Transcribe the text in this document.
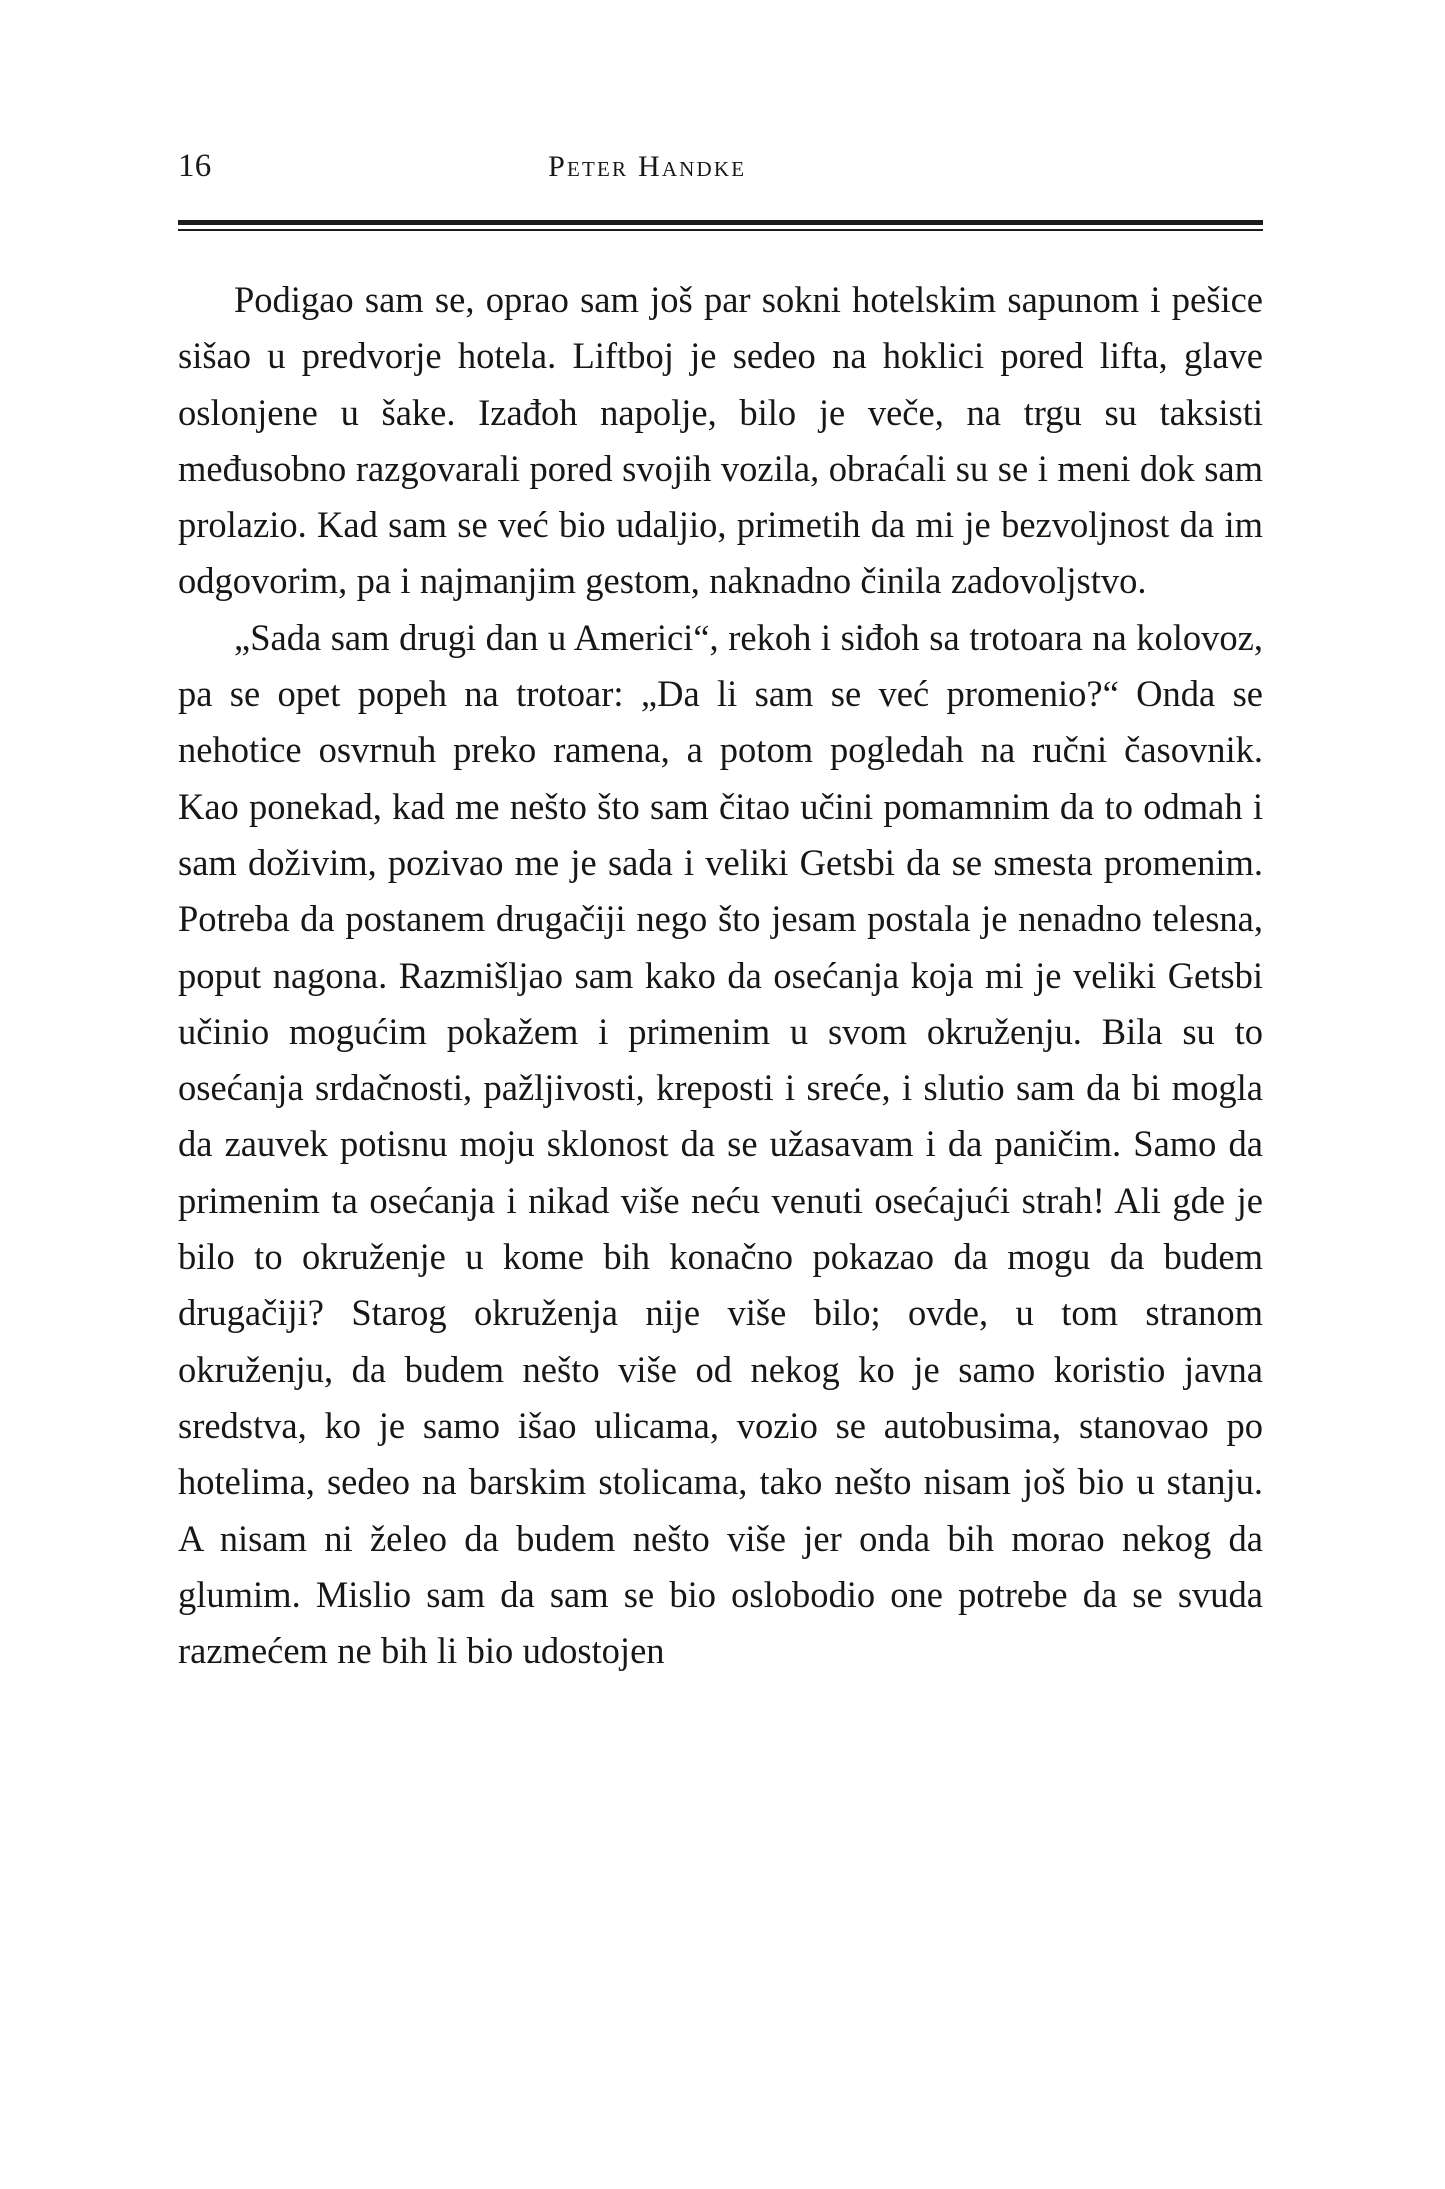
16	Peter Handke

Podigao sam se, oprao sam još par sokni hotelskim sapunom i pešice sišao u predvorje hotela. Liftboj je sedeo na hoklici pored lifta, glave oslonjene u šake. Izađoh napolje, bilo je veče, na trgu su taksisti međusobno razgovarali pored svojih vozila, obraćali su se i meni dok sam prolazio. Kad sam se već bio udaljio, primetih da mi je bezvoljnost da im odgovorim, pa i najmanjim gestom, naknadno činila zadovoljstvo.

„Sada sam drugi dan u Americi“, rekoh i siđoh sa trotoara na kolovoz, pa se opet popeh na trotoar: „Da li sam se već promenio?“ Onda se nehotice osvrnuh preko ramena, a potom pogledah na ručni časovnik. Kao ponekad, kad me nešto što sam čitao učini pomamnim da to odmah i sam doživim, pozivao me je sada i veliki Getsbi da se smesta promenim. Potreba da postanem drugačiji nego što jesam postala je nenadno telesna, poput nagona. Razmišljao sam kako da osećanja koja mi je veliki Getsbi učinio mogućim pokažem i primenim u svom okruženju. Bila su to osećanja srdačnosti, pažljivosti, kreposti i sreće, i slutio sam da bi mogla da zauvek potisnu moju sklonost da se užasavam i da paničim. Samo da primenim ta osećanja i nikad više neću venuti osećajući strah! Ali gde je bilo to okruženje u kome bih konačno pokazao da mogu da budem drugačiji? Starog okruženja nije više bilo; ovde, u tom stranom okruženju, da budem nešto više od nekog ko je samo koristio javna sredstva, ko je samo išao ulicama, vozio se autobusima, stanovao po hotelima, sedeo na barskim stolicama, tako nešto nisam još bio u stanju. A nisam ni želeo da budem nešto više jer onda bih morao nekog da glumim. Mislio sam da sam se bio oslobodio one potrebe da se svuda razmećem ne bih li bio udostojen
